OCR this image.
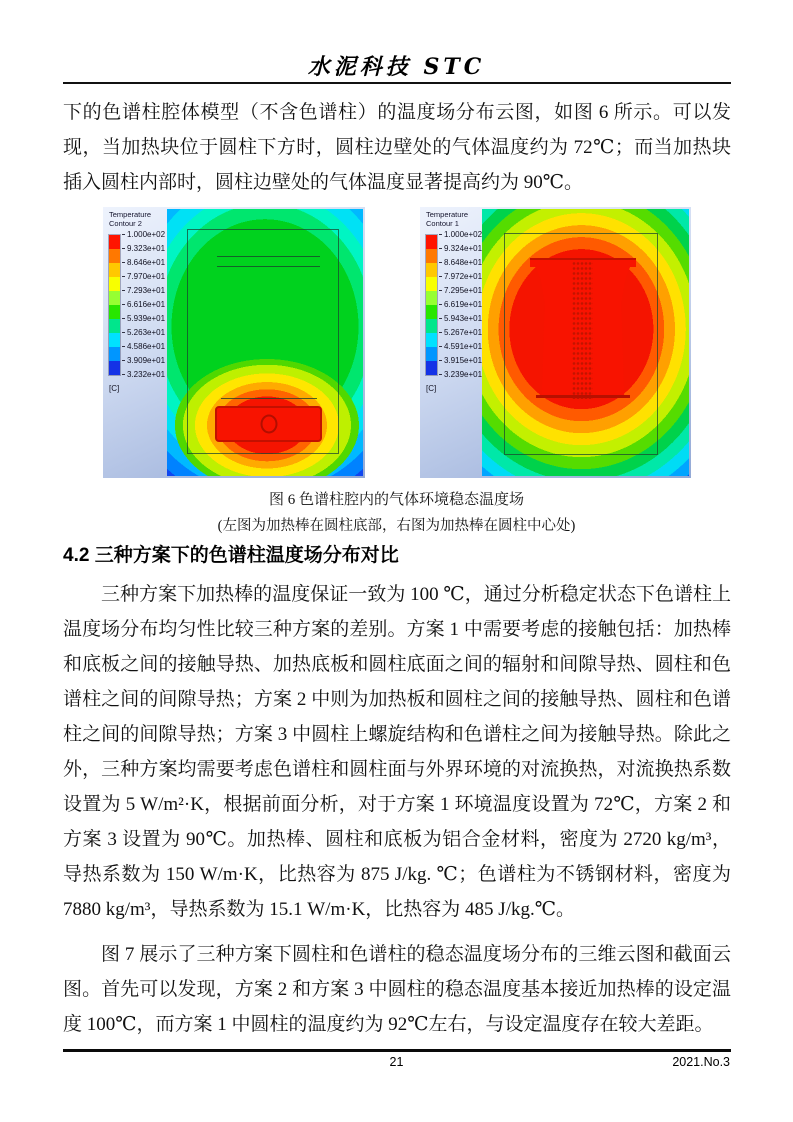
水泥科技 STC

下的色谱柱腔体模型（不含色谱柱）的温度场分布云图，如图 6 所示。可以发现，当加热块位于圆柱下方时，圆柱边壁处的气体温度约为 72℃；而当加热块插入圆柱内部时，圆柱边壁处的气体温度显著提高约为 90℃。

Temperature
Contour 2
1.000e+02
9.323e+01
8.646e+01
7.970e+01
7.293e+01
6.616e+01
5.939e+01
5.263e+01
4.586e+01
3.909e+01
3.232e+01
[C]
Temperature
Contour 1
1.000e+02
9.324e+01
8.648e+01
7.972e+01
7.295e+01
6.619e+01
5.943e+01
5.267e+01
4.591e+01
3.915e+01
3.239e+01
[C]
图 6 色谱柱腔内的气体环境稳态温度场
(左图为加热棒在圆柱底部，右图为加热棒在圆柱中心处)
4.2 三种方案下的色谱柱温度场分布对比

三种方案下加热棒的温度保证一致为 100 ℃，通过分析稳定状态下色谱柱上温度场分布均匀性比较三种方案的差别。方案 1 中需要考虑的接触包括：加热棒和底板之间的接触导热、加热底板和圆柱底面之间的辐射和间隙导热、圆柱和色谱柱之间的间隙导热；方案 2 中则为加热板和圆柱之间的接触导热、圆柱和色谱柱之间的间隙导热；方案 3 中圆柱上螺旋结构和色谱柱之间为接触导热。除此之外，三种方案均需要考虑色谱柱和圆柱面与外界环境的对流换热，对流换热系数设置为 5 W/m²·K，根据前面分析，对于方案 1 环境温度设置为 72℃，方案 2 和方案 3 设置为 90℃。加热棒、圆柱和底板为铝合金材料，密度为 2720 kg/m³，导热系数为 150 W/m·K，比热容为 875 J/kg. ℃；色谱柱为不锈钢材料，密度为 7880 kg/m³，导热系数为 15.1 W/m·K，比热容为 485 J/kg.℃。

图 7 展示了三种方案下圆柱和色谱柱的稳态温度场分布的三维云图和截面云图。首先可以发现，方案 2 和方案 3 中圆柱的稳态温度基本接近加热棒的设定温度 100℃，而方案 1 中圆柱的温度约为 92℃左右，与设定温度存在较大差距。

21	2021.No.3
